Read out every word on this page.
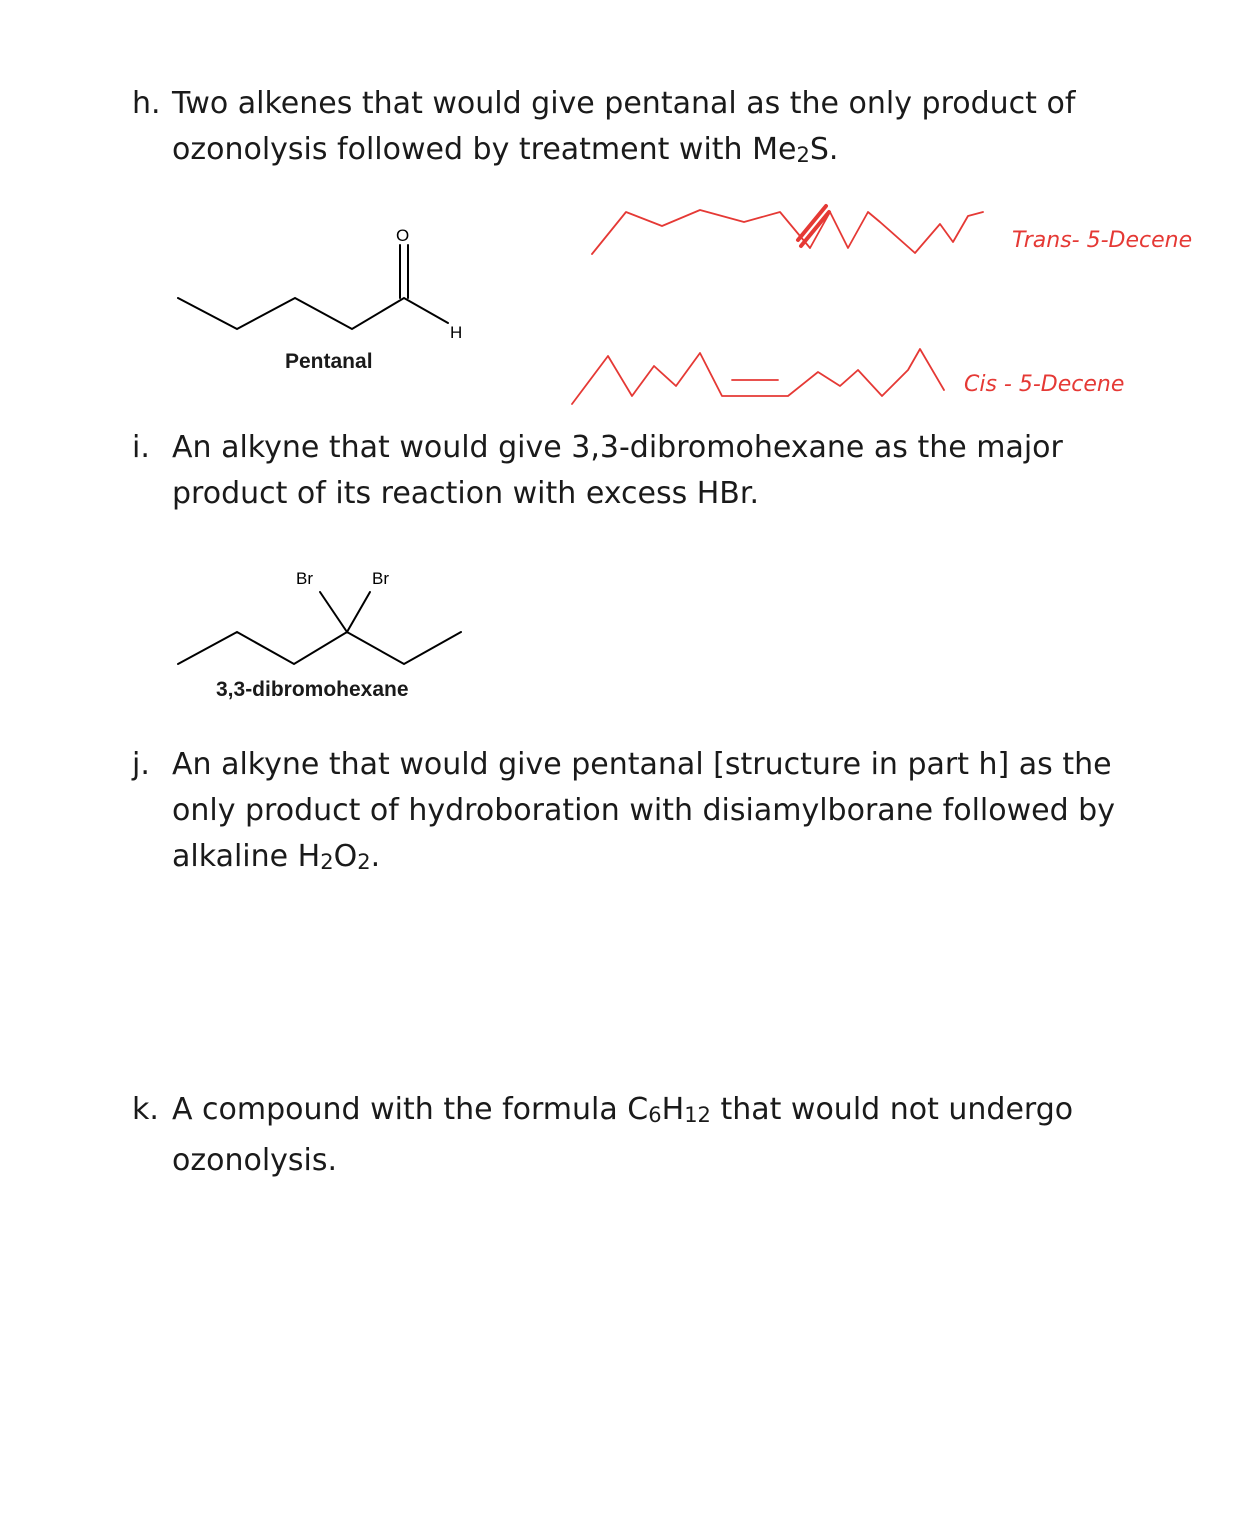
h. Two alkenes that would give pentanal as the only product of
ozonolysis followed by treatment with $Me_2S$.
i. An alkyne that would give 3,3-dibromohexane as the major
product of its reaction with excess HBr.
j. An alkyne that would give pentanal [structure in part h] as the
only product of hydroboration with disiamylborane followed by
alkaline $H_2O_2$.
k. A compound with the formula $C_6H_{12}$ that would not undergo
ozonolysis.
Pentanal
3,3-dibromohexane
O
H
Br	Br
Trans- 5-Decene
Cis - 5-Decene
